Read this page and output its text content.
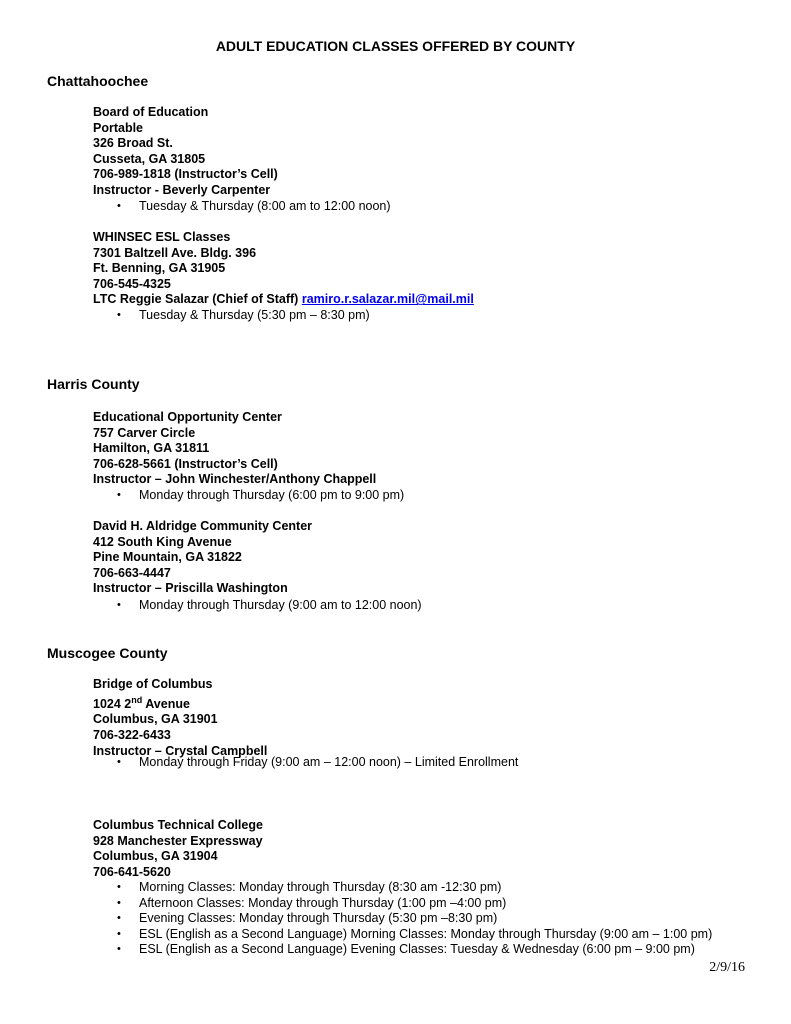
ADULT EDUCATION CLASSES OFFERED BY COUNTY
Chattahoochee
Board of Education
Portable
326 Broad St.
Cusseta, GA 31805
706-989-1818 (Instructor’s Cell)
Instructor - Beverly Carpenter
• Tuesday & Thursday (8:00 am to 12:00 noon)
WHINSEC ESL Classes
7301 Baltzell Ave. Bldg. 396
Ft. Benning, GA 31905
706-545-4325
LTC Reggie Salazar (Chief of Staff) ramiro.r.salazar.mil@mail.mil
• Tuesday & Thursday (5:30 pm – 8:30 pm)
Harris County
Educational Opportunity Center
757 Carver Circle
Hamilton, GA 31811
706-628-5661 (Instructor’s Cell)
Instructor – John Winchester/Anthony Chappell
• Monday through Thursday (6:00 pm to 9:00 pm)
David H. Aldridge Community Center
412 South King Avenue
Pine Mountain, GA 31822
706-663-4447
Instructor – Priscilla Washington
• Monday through Thursday (9:00 am to 12:00 noon)
Muscogee County
Bridge of Columbus
1024 2nd Avenue
Columbus, GA 31901
706-322-6433
Instructor – Crystal Campbell
• Monday through Friday (9:00 am – 12:00 noon) – Limited Enrollment
Columbus Technical College
928 Manchester Expressway
Columbus, GA 31904
706-641-5620
• Morning Classes: Monday through Thursday (8:30 am -12:30 pm)
• Afternoon Classes: Monday through Thursday (1:00 pm –4:00 pm)
• Evening Classes: Monday through Thursday (5:30 pm –8:30 pm)
• ESL (English as a Second Language) Morning Classes: Monday through Thursday (9:00 am – 1:00 pm)
• ESL (English as a Second Language) Evening Classes: Tuesday & Wednesday (6:00 pm – 9:00 pm)
2/9/16
